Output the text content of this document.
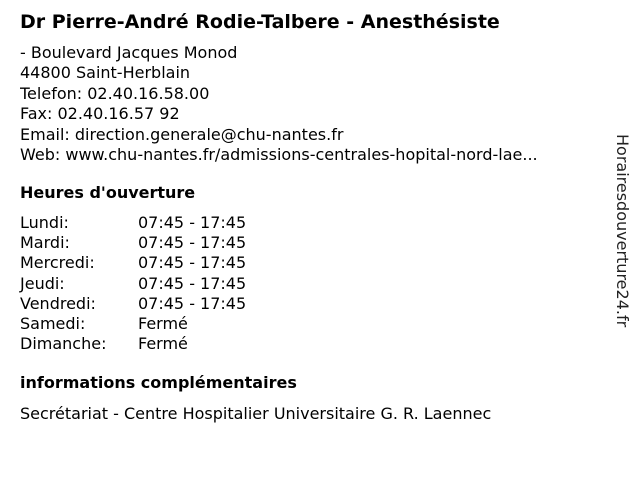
Dr Pierre-André Rodie-Talbere - Anesthésiste
- Boulevard Jacques Monod
44800 Saint-Herblain
Telefon: 02.40.16.58.00
Fax: 02.40.16.57 92
Email: direction.generale@chu-nantes.fr
Web: www.chu-nantes.fr/admissions-centrales-hopital-nord-lae...
Heures d'ouverture
Lundi:	07:45 - 17:45
Mardi:	07:45 - 17:45
Mercredi:	07:45 - 17:45
Jeudi:	07:45 - 17:45
Vendredi:	07:45 - 17:45
Samedi:	Fermé
Dimanche:	Fermé
informations complémentaires
Secrétariat - Centre Hospitalier Universitaire G. R. Laennec
Horairesdouverture24.fr
